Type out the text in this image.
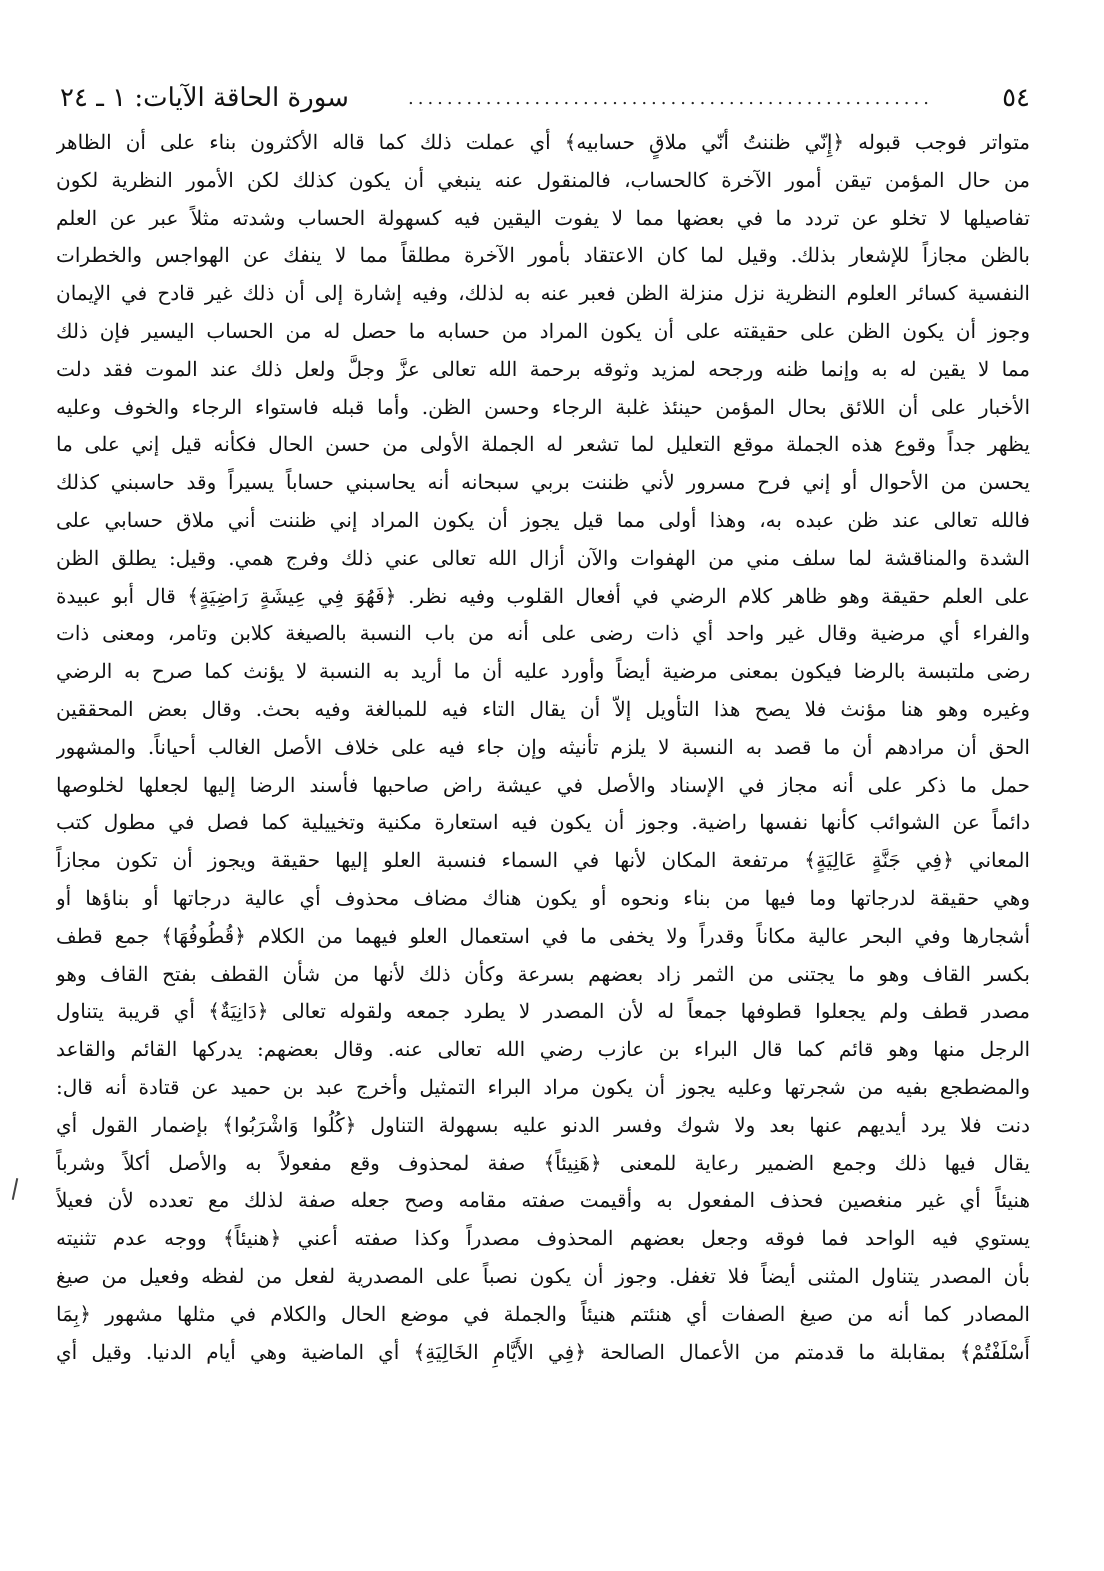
٥٤
......................................................
سورة الحاقة الآيات: ١ ـ ٢٤
متواتر فوجب قبوله ﴿إِنّي ظننتُ أنّي ملاقٍ حسابيه﴾ أي عملت ذلك كما قاله الأكثرون بناء على أن الظاهر
من حال المؤمن تيقن أمور الآخرة كالحساب، فالمنقول عنه ينبغي أن يكون كذلك لكن الأمور النظرية لكون
تفاصيلها لا تخلو عن تردد ما في بعضها مما لا يفوت اليقين فيه كسهولة الحساب وشدته مثلاً عبر عن العلم
بالظن مجازاً للإشعار بذلك. وقيل لما كان الاعتقاد بأمور الآخرة مطلقاً مما لا ينفك عن الهواجس والخطرات
النفسية كسائر العلوم النظرية نزل منزلة الظن فعبر عنه به لذلك، وفيه إشارة إلى أن ذلك غير قادح في الإيمان
وجوز أن يكون الظن على حقيقته على أن يكون المراد من حسابه ما حصل له من الحساب اليسير فإن ذلك
مما لا يقين له به وإنما ظنه ورجحه لمزيد وثوقه برحمة الله تعالى عزَّ وجلَّ ولعل ذلك عند الموت فقد دلت
الأخبار على أن اللائق بحال المؤمن حينئذ غلبة الرجاء وحسن الظن. وأما قبله فاستواء الرجاء والخوف وعليه
يظهر جداً وقوع هذه الجملة موقع التعليل لما تشعر له الجملة الأولى من حسن الحال فكأنه قيل إني على ما
يحسن من الأحوال أو إني فرح مسرور لأني ظننت بربي سبحانه أنه يحاسبني حساباً يسيراً وقد حاسبني كذلك
فالله تعالى عند ظن عبده به، وهذا أولى مما قيل يجوز أن يكون المراد إني ظننت أني ملاق حسابي على
الشدة والمناقشة لما سلف مني من الهفوات والآن أزال الله تعالى عني ذلك وفرج همي. وقيل: يطلق الظن
على العلم حقيقة وهو ظاهر كلام الرضي في أفعال القلوب وفيه نظر. ﴿فَهُوَ فِي عِيشَةٍ رَاضِيَةٍ﴾ قال أبو عبيدة
والفراء أي مرضية وقال غير واحد أي ذات رضى على أنه من باب النسبة بالصيغة كلابن وتامر، ومعنى ذات
رضى ملتبسة بالرضا فيكون بمعنى مرضية أيضاً وأورد عليه أن ما أريد به النسبة لا يؤنث كما صرح به الرضي
وغيره وهو هنا مؤنث فلا يصح هذا التأويل إلاّ أن يقال التاء فيه للمبالغة وفيه بحث. وقال بعض المحققين
الحق أن مرادهم أن ما قصد به النسبة لا يلزم تأنيثه وإن جاء فيه على خلاف الأصل الغالب أحياناً. والمشهور
حمل ما ذكر على أنه مجاز في الإسناد والأصل في عيشة راض صاحبها فأسند الرضا إليها لجعلها لخلوصها
دائماً عن الشوائب كأنها نفسها راضية. وجوز أن يكون فيه استعارة مكنية وتخييلية كما فصل في مطول كتب
المعاني ﴿فِي جَنَّةٍ عَالِيَةٍ﴾ مرتفعة المكان لأنها في السماء فنسبة العلو إليها حقيقة ويجوز أن تكون مجازاً
وهي حقيقة لدرجاتها وما فيها من بناء ونحوه أو يكون هناك مضاف محذوف أي عالية درجاتها أو بناؤها أو
أشجارها وفي البحر عالية مكاناً وقدراً ولا يخفى ما في استعمال العلو فيهما من الكلام ﴿قُطُوفُهَا﴾ جمع قطف
بكسر القاف وهو ما يجتنى من الثمر زاد بعضهم بسرعة وكأن ذلك لأنها من شأن القطف بفتح القاف وهو
مصدر قطف ولم يجعلوا قطوفها جمعاً له لأن المصدر لا يطرد جمعه ولقوله تعالى ﴿دَانِيَةٌ﴾ أي قريبة يتناول
الرجل منها وهو قائم كما قال البراء بن عازب رضي الله تعالى عنه. وقال بعضهم: يدركها القائم والقاعد
والمضطجع بفيه من شجرتها وعليه يجوز أن يكون مراد البراء التمثيل وأخرج عبد بن حميد عن قتادة أنه قال:
دنت فلا يرد أيديهم عنها بعد ولا شوك وفسر الدنو عليه بسهولة التناول ﴿كُلُوا وَاشْرَبُوا﴾ بإضمار القول أي
يقال فيها ذلك وجمع الضمير رعاية للمعنى ﴿هَنِيئاً﴾ صفة لمحذوف وقع مفعولاً به والأصل أكلاً وشرباً
هنيئاً أي غير منغصين فحذف المفعول به وأقيمت صفته مقامه وصح جعله صفة لذلك مع تعدده لأن فعيلاً
يستوي فيه الواحد فما فوقه وجعل بعضهم المحذوف مصدراً وكذا صفته أعني ﴿هنيئاً﴾ ووجه عدم تثنيته
بأن المصدر يتناول المثنى أيضاً فلا تغفل. وجوز أن يكون نصباً على المصدرية لفعل من لفظه وفعيل من صيغ
المصادر كما أنه من صيغ الصفات أي هنئتم هنيئاً والجملة في موضع الحال والكلام في مثلها مشهور ﴿بِمَا
أَسْلَفْتُمْ﴾ بمقابلة ما قدمتم من الأعمال الصالحة ﴿فِي الأَيَّامِ الخَالِيَةِ﴾ أي الماضية وهي أيام الدنيا. وقيل أي
